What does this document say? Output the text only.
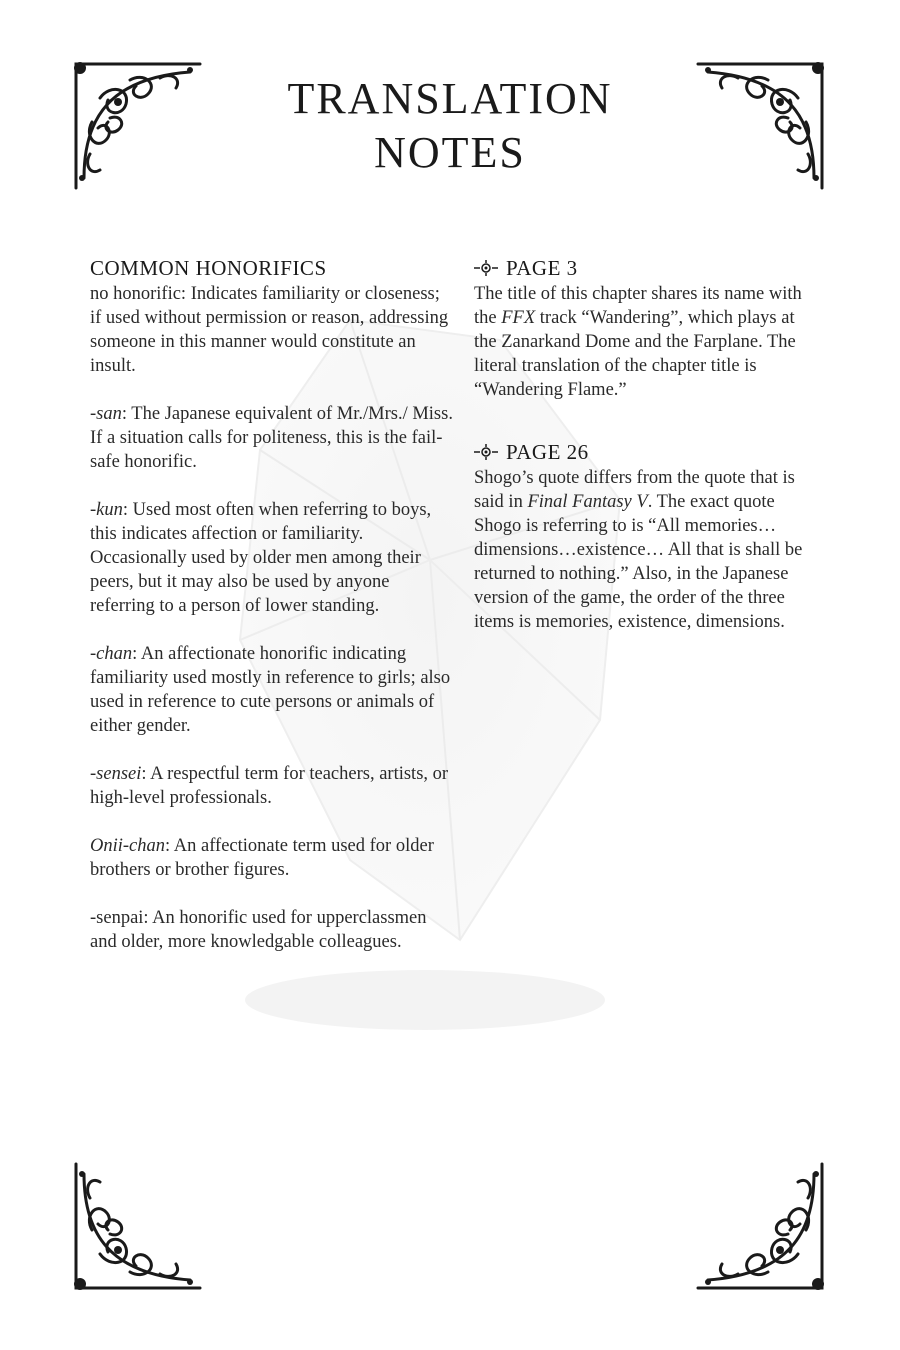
TRANSLATION
NOTES
COMMON HONORIFICS

no honorific: Indicates familiarity or closeness; if used without permission or reason, addressing someone in this manner would constitute an insult.

-san: The Japanese equivalent of Mr./Mrs./ Miss. If a situation calls for politeness, this is the fail-safe honorific.

-kun: Used most often when referring to boys, this indicates affection or familiarity. Occasionally used by older men among their peers, but it may also be used by anyone referring to a person of lower standing.

-chan: An affectionate honorific indicating familiarity used mostly in reference to girls; also used in reference to cute persons or animals of either gender.

-sensei: A respectful term for teachers, artists, or high-level professionals.

Onii-chan: An affectionate term used for older brothers or brother figures.

-senpai: An honorific used for upperclassmen and older, more knowledgable colleagues.

PAGE 3

The title of this chapter shares its name with the FFX track “Wandering”, which plays at the Zanarkand Dome and the Farplane. The literal translation of the chapter title is “Wandering Flame.”

PAGE 26

Shogo’s quote differs from the quote that is said in Final Fantasy V. The exact quote Shogo is referring to is “All memories…dimensions…existence… All that is shall be returned to nothing.” Also, in the Japanese version of the game, the order of the three items is memories, existence, dimensions.
